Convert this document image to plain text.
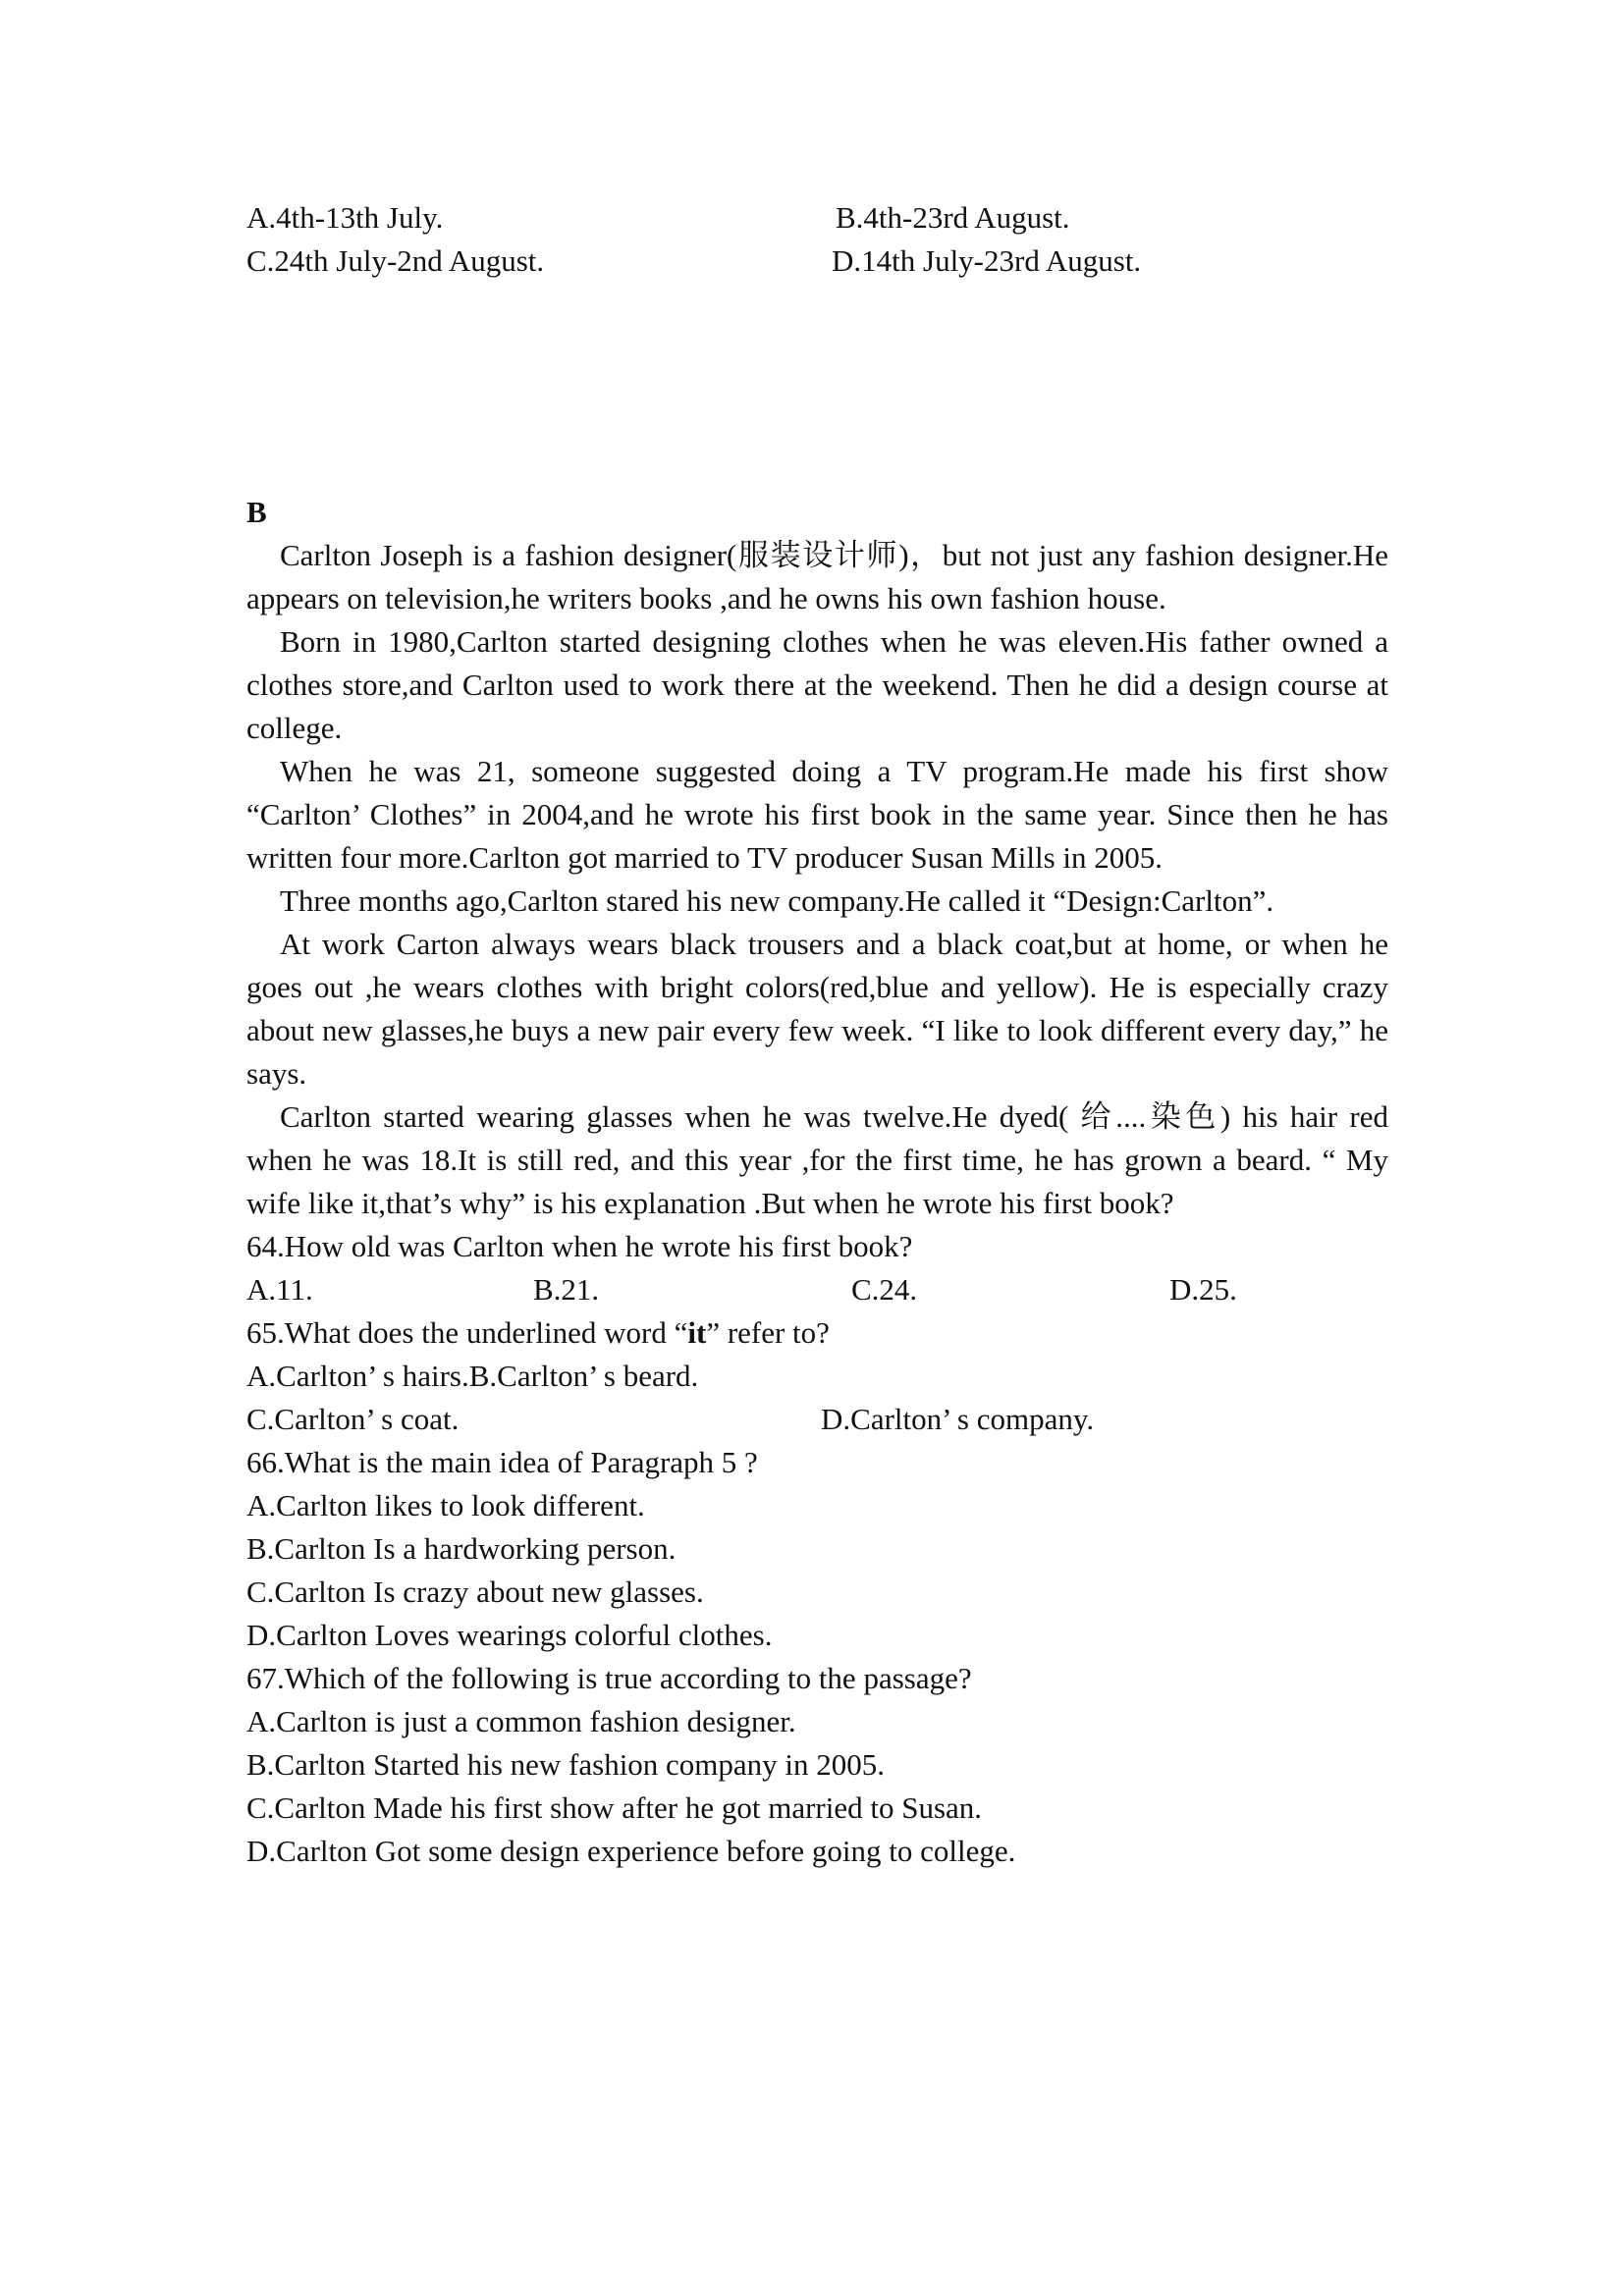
A.4th-13th July.	B.4th-23rd August.
C.24th July-2nd August.	D.14th July-23rd August.
B

Carlton Joseph is a fashion designer(服装设计师)，but not just any fashion designer.He appears on television,he writers books ,and he owns his own fashion house.

Born in 1980,Carlton started designing clothes when he was eleven.His father owned a clothes store,and Carlton used to work there at the weekend. Then he did a design course at college.

When he was 21, someone suggested doing a TV program.He made his first show “Carlton’ Clothes” in 2004,and he wrote his first book in the same year. Since then he has written four more.Carlton got married to TV producer Susan Mills in 2005.

Three months ago,Carlton stared his new company.He called it “Design:Carlton”.

At work Carton always wears black trousers and a black coat,but at home, or when he goes out ,he wears clothes with bright colors(red,blue and yellow). He is especially crazy about new glasses,he buys a new pair every few week. “I like to look different every day,” he says.

Carlton started wearing glasses when he was twelve.He dyed( 给....染色) his hair red when he was 18.It is still red, and this year ,for the first time, he has grown a beard. “ My wife like it,that’s why” is his explanation .But when he wrote his first book?

64.How old was Carlton when he wrote his first book?
A.11.	B.21.	C.24.	D.25.
65.What does the underlined word “it” refer to?
A.Carlton’ s hairs.B.Carlton’ s beard.
C.Carlton’ s coat.	D.Carlton’ s company.
66.What is the main idea of Paragraph 5 ?
A.Carlton likes to look different.
B.Carlton Is a hardworking person.
C.Carlton Is crazy about new glasses.
D.Carlton Loves wearings colorful clothes.
67.Which of the following is true according to the passage?
A.Carlton is just a common fashion designer.
B.Carlton Started his new fashion company in 2005.
C.Carlton Made his first show after he got married to Susan.
D.Carlton Got some design experience before going to college.
